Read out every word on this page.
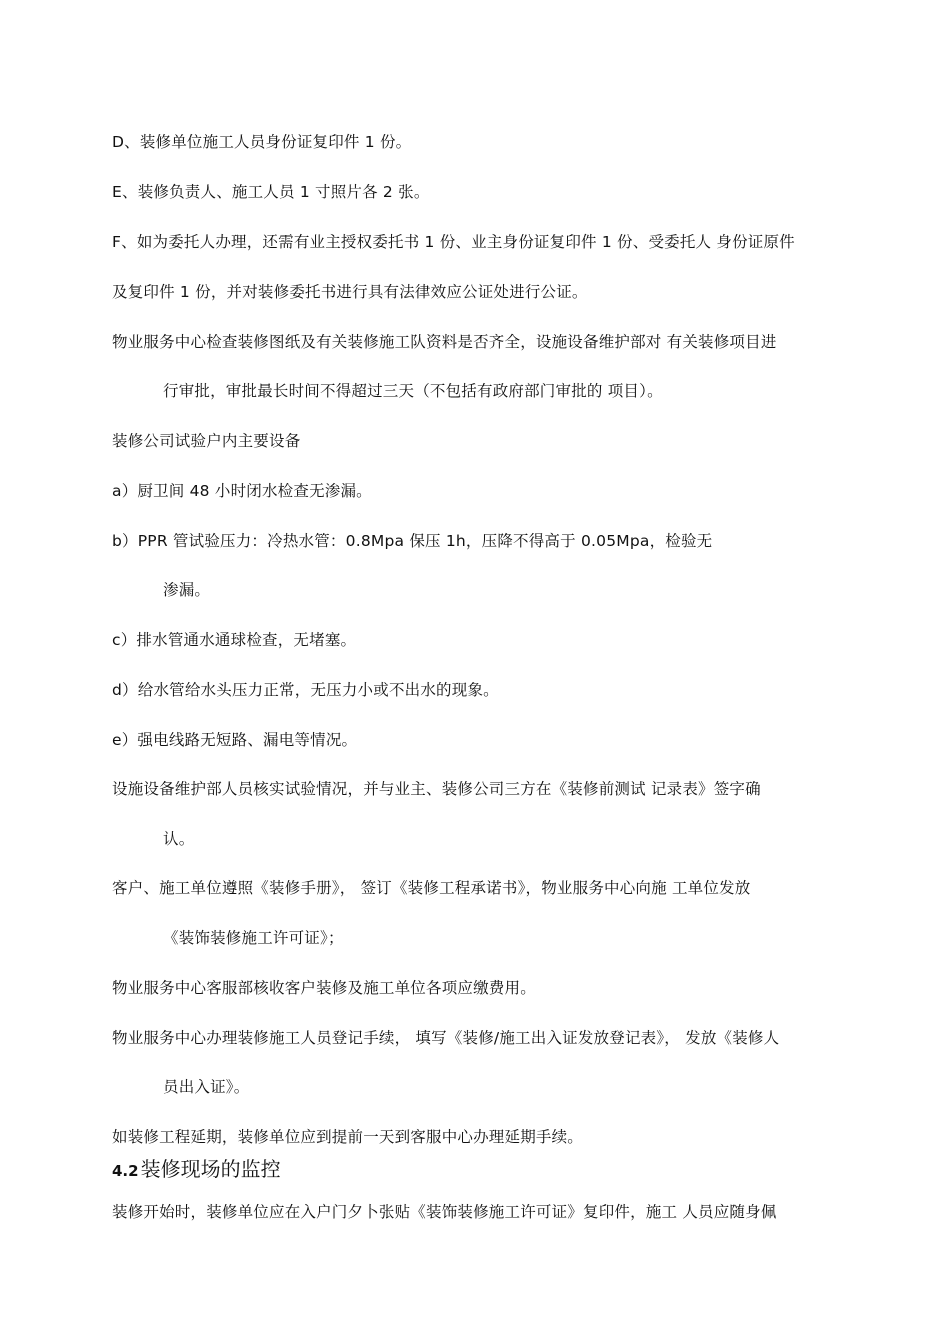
D、装修单位施工人员身份证复印件 1 份。
E、装修负责人、施工人员 1 寸照片各 2 张。
F、如为委托人办理，还需有业主授权委托书 1 份、业主身份证复印件 1 份、受委托人 身份证原件
及复印件 1 份，并对装修委托书进行具有法律效应公证处进行公证。
物业服务中心检查装修图纸及有关装修施工队资料是否齐全，设施设备维护部对 有关装修项目进
行审批，审批最长时间不得超过三天（不包括有政府部门审批的 项目）。
装修公司试验户内主要设备
a）厨卫间 48 小时闭水检查无渗漏。
b）PPR 管试验压力：冷热水管：0.8Mpa 保压 1h，压降不得高于 0.05Mpa，检验无
渗漏。
c）排水管通水通球检查，无堵塞。
d）给水管给水头压力正常，无压力小或不出水的现象。
e）强电线路无短路、漏电等情况。
设施设备维护部人员核实试验情况，并与业主、装修公司三方在《装修前测试 记录表》签字确
认。
客户、施工单位遵照《装修手册》， 签订《装修工程承诺书》，物业服务中心向施 工单位发放
《装饰装修施工许可证》；
物业服务中心客服部核收客户装修及施工单位各项应缴费用。
物业服务中心办理装修施工人员登记手续， 填写《装修/施工出入证发放登记表》， 发放《装修人
员出入证》。
如装修工程延期，装修单位应到提前一天到客服中心办理延期手续。
4.2 装修现场的监控
装修开始时，装修单位应在入户门夕卜张贴《装饰装修施工许可证》复印件，施工 人员应随身佩
